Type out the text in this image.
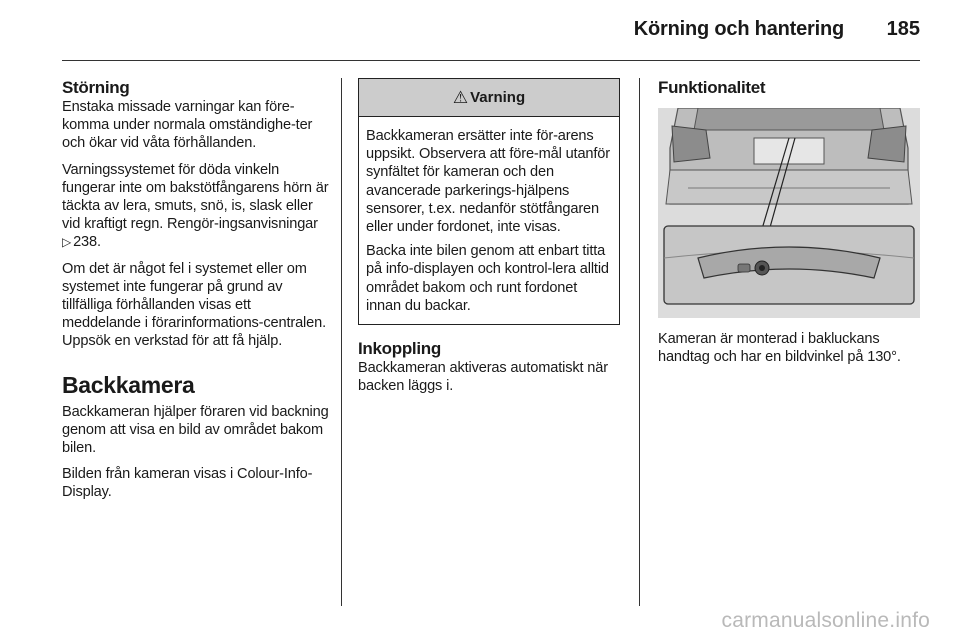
Körning och hantering	185
Störning

Enstaka missade varningar kan före-komma under normala omständighe-ter och ökar vid våta förhållanden.

Varningssystemet för döda vinkeln fungerar inte om bakstötfångarens hörn är täckta av lera, smuts, snö, is, slask eller vid kraftigt regn. Rengör-ingsanvisningar ▷ 238.

Om det är något fel i systemet eller om systemet inte fungerar på grund av tillfälliga förhållanden visas ett meddelande i förarinformations-centralen. Uppsök en verkstad för att få hjälp.

Backkamera

Backkameran hjälper föraren vid backning genom att visa en bild av området bakom bilen.

Bilden från kameran visas i Colour-Info-Display.

⚠ Varning

Backkameran ersätter inte för-arens uppsikt. Observera att före-mål utanför synfältet för kameran och den avancerade parkerings-hjälpens sensorer, t.ex. nedanför stötfångaren eller under fordonet, inte visas.

Backa inte bilen genom att enbart titta på info-displayen och kontrol-lera alltid området bakom och runt fordonet innan du backar.

Inkoppling

Backkameran aktiveras automatiskt när backen läggs i.

Funktionalitet

Kameran är monterad i bakluckans handtag och har en bildvinkel på 130°.

carmanualsonline.info
